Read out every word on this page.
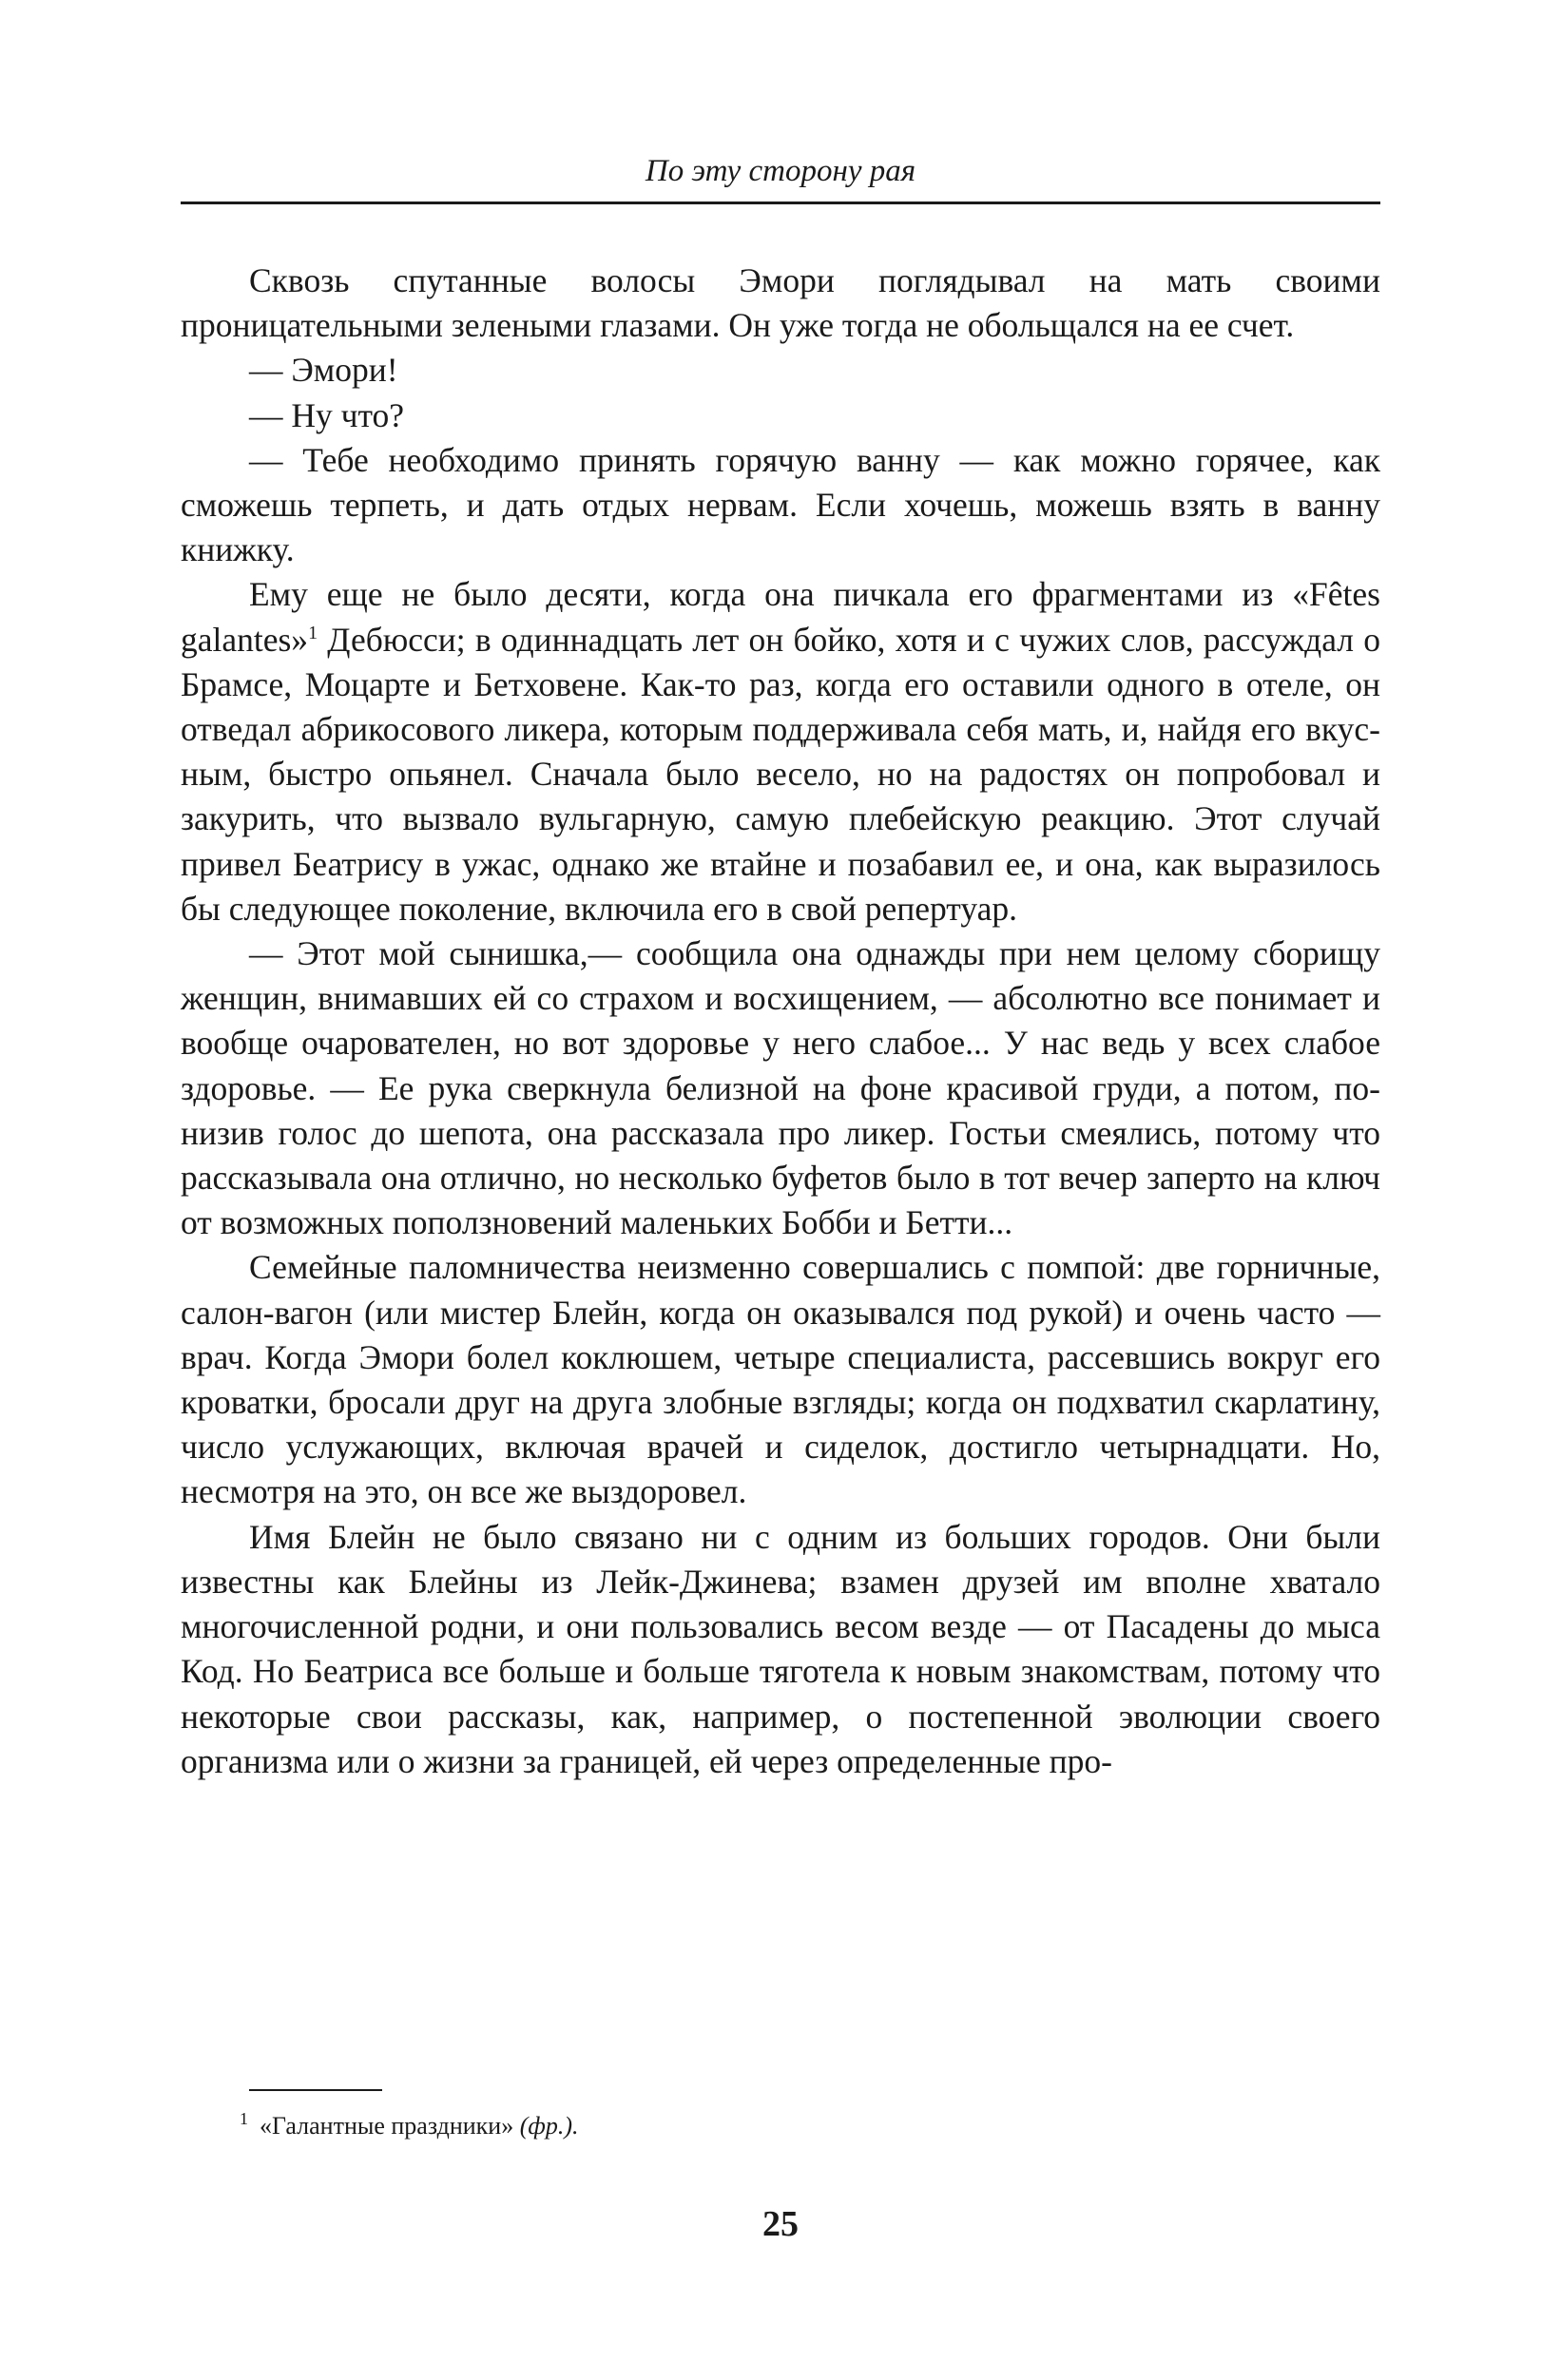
По эту сторону рая

Сквозь спутанные волосы Эмори поглядывал на мать своими проницательными зелеными глазами. Он уже тогда не обольщался на ее счет.

— Эмори!

— Ну что?

— Тебе необходимо принять горячую ванну — как можно горячее, как сможешь терпеть, и дать отдых нервам. Если хочешь, можешь взять в ванну книжку.

Ему еще не было десяти, когда она пичкала его фрагментами из «Fêtes galantes»$^1$ Дебюсси; в одиннадцать лет он бойко, хотя и с чужих слов, рассуждал о Брамсе, Моцарте и Бетховене. Как-то раз, когда его оставили одного в отеле, он отведал абрикосового ликера, которым поддерживала себя мать, и, найдя его вкусным, быстро опьянел. Сначала было весело, но на радостях он попробовал и закурить, что вызвало вульгарную, самую плебейскую реакцию. Этот случай привел Беатрису в ужас, однако же втайне и позабавил ее, и она, как выразилось бы следующее поколение, включила его в свой репертуар.

— Этот мой сынишка,— сообщила она однажды при нем целому сборищу женщин, внимавших ей со страхом и восхищением, — абсолютно все понимает и вообще очарователен, но вот здоровье у него слабое... У нас ведь у всех слабое здоровье. — Ее рука сверкнула белизной на фоне красивой груди, а потом, понизив голос до шепота, она рассказала про ликер. Гостьи смеялись, потому что рассказывала она отлично, но несколько буфетов было в тот вечер заперто на ключ от возможных поползновений маленьких Бобби и Бетти...

Семейные паломничества неизменно совершались с помпой: две горничные, салон-вагон (или мистер Блейн, когда он оказывался под рукой) и очень часто — врач. Когда Эмори болел коклюшем, четыре специалиста, рассевшись вокруг его кроватки, бросали друг на друга злобные взгляды; когда он подхватил скарлатину, число услужающих, включая врачей и сиделок, достигло четырнадцати. Но, несмотря на это, он все же выздоровел.

Имя Блейн не было связано ни с одним из больших городов. Они были известны как Блейны из Лейк-Джинева; взамен друзей им вполне хватало многочисленной родни, и они пользовались весом везде — от Пасадены до мыса Код. Но Беатриса все больше и больше тяготела к новым знакомствам, потому что некоторые свои рассказы, как, например, о постепенной эволюции своего организма или о жизни за границей, ей через определенные про-

$^1$ «Галантные праздники» (фр.).
25
